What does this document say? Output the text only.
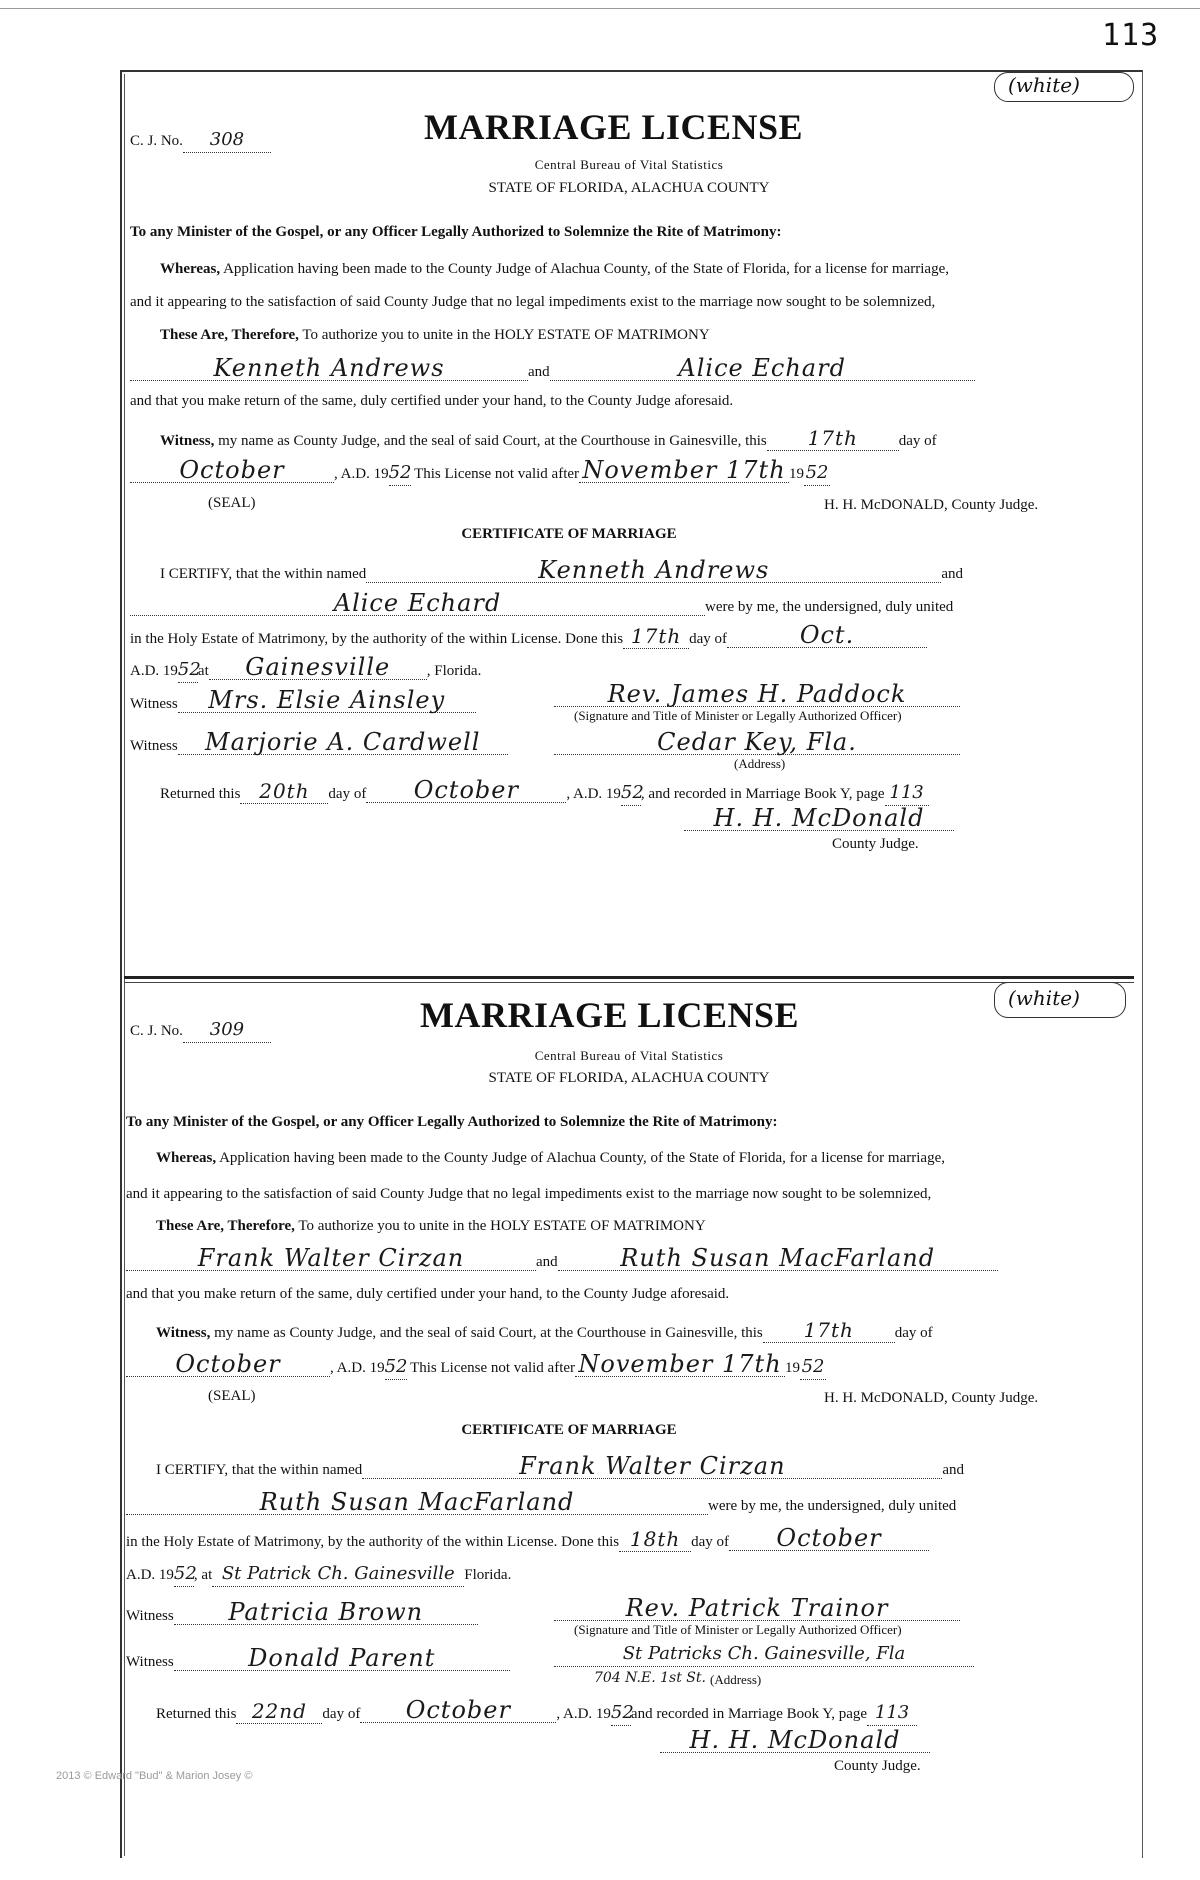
113
(white)
C. J. No. 308	MARRIAGE LICENSE
Central Bureau of Vital Statistics
STATE OF FLORIDA, ALACHUA COUNTY
To any Minister of the Gospel, or any Officer Legally Authorized to Solemnize the Rite of Matrimony:
Whereas, Application having been made to the County Judge of Alachua County, of the State of Florida, for a license for marriage,
and it appearing to the satisfaction of said County Judge that no legal impediments exist to the marriage now sought to be solemnized,
These Are, Therefore, To authorize you to unite in the HOLY ESTATE OF MATRIMONY
Kenneth Andrews	and	Alice Echard
and that you make return of the same, duly certified under your hand, to the County Judge aforesaid.
Witness, my name as County Judge, and the seal of said Court, at the Courthouse in Gainesville, this 17th	day of
October	, A.D. 1952 This License not valid after November 17th 1952
(SEAL)	H. H. McDONALD, County Judge.
CERTIFICATE OF MARRIAGE
I CERTIFY, that the within named	Kenneth Andrews	and
Alice Echard	were by me, the undersigned, duly united
in the Holy Estate of Matrimony, by the authority of the within License. Done this 17th day of	Oct.
A.D. 1952at Gainesville , Florida.
Witness Mrs. Elsie Ainsley	Rev. James H. Paddock
(Signature and Title of Minister or Legally Authorized Officer)
Witness Marjorie A. Cardwell	Cedar Key, Fla.
(Address)
Returned this 20th day of October	, A.D. 1952, and recorded in Marriage Book Y, page 113
H. H. McDonald
County Judge.
(white)
C. J. No. 309	MARRIAGE LICENSE
Central Bureau of Vital Statistics
STATE OF FLORIDA, ALACHUA COUNTY
To any Minister of the Gospel, or any Officer Legally Authorized to Solemnize the Rite of Matrimony:
Whereas, Application having been made to the County Judge of Alachua County, of the State of Florida, for a license for marriage,
and it appearing to the satisfaction of said County Judge that no legal impediments exist to the marriage now sought to be solemnized,
These Are, Therefore, To authorize you to unite in the HOLY ESTATE OF MATRIMONY
Frank Walter Cirzan	and	Ruth Susan MacFarland
and that you make return of the same, duly certified under your hand, to the County Judge aforesaid.
Witness, my name as County Judge, and the seal of said Court, at the Courthouse in Gainesville, this 17th	day of
October	, A.D. 1952 This License not valid after November 17th 1952
(SEAL)	H. H. McDONALD, County Judge.
CERTIFICATE OF MARRIAGE
I CERTIFY, that the within named	Frank Walter Cirzan	and
Ruth Susan MacFarland	were by me, the undersigned, duly united
in the Holy Estate of Matrimony, by the authority of the within License. Done this 18th day of October
A.D. 1952, at St Patrick Ch. Gainesville Florida.
Witness Patricia Brown	Rev. Patrick Trainor
(Signature and Title of Minister or Legally Authorized Officer)
Witness	Donald Parent	St Patricks Ch. Gainesville, Fla
704 N.E. 1st St. (Address)
Returned this 22nd day of October	, A.D. 1952and recorded in Marriage Book Y, page 113
H. H. McDonald
County Judge.
2013 © Edward "Bud" & Marion Josey ©
